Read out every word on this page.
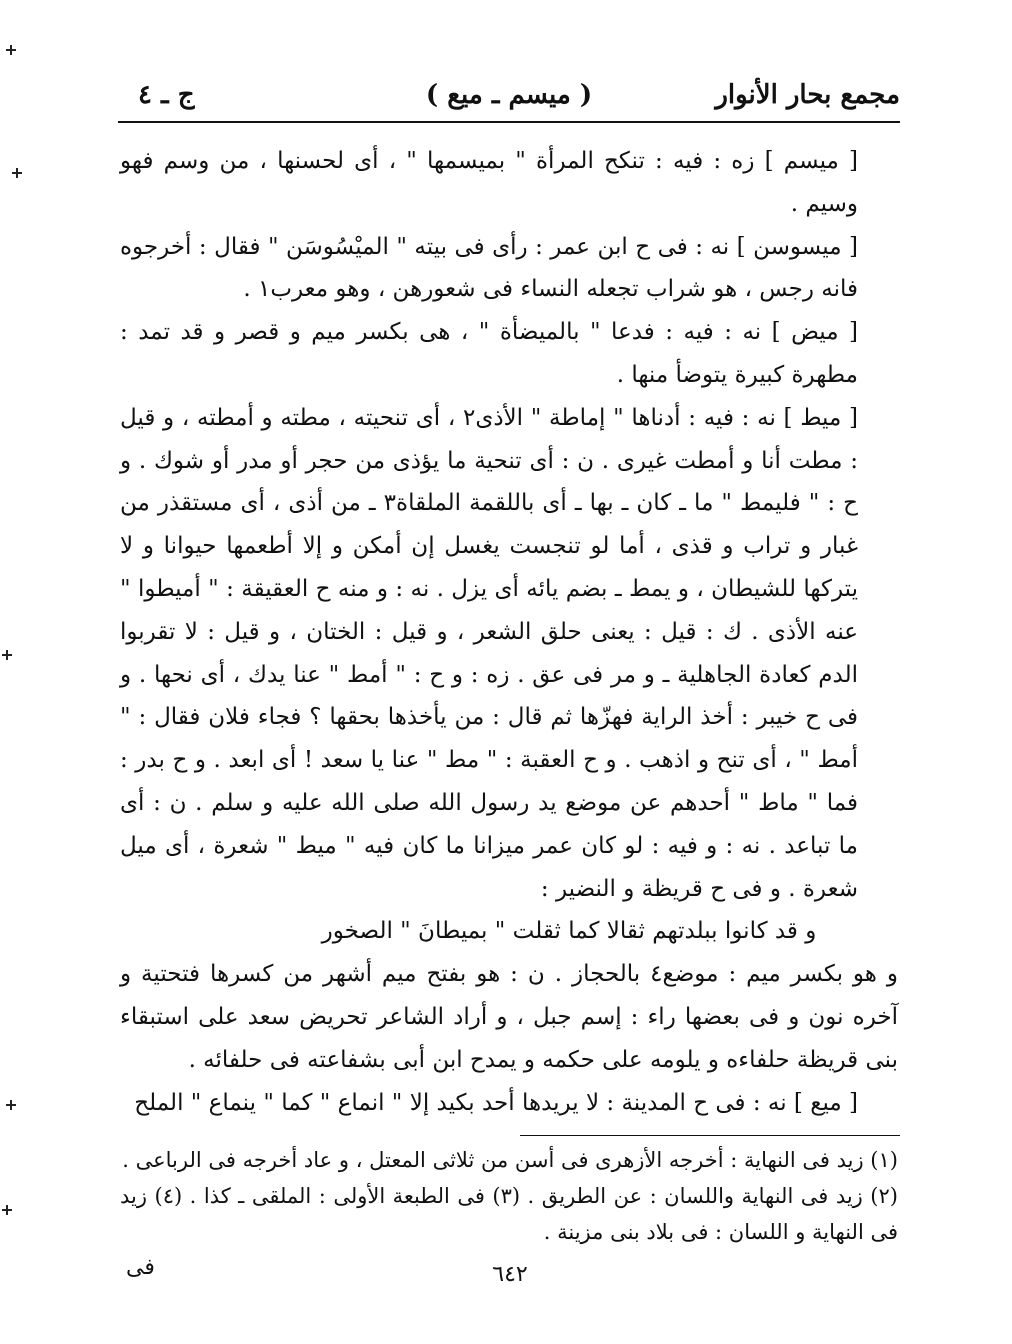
مجمع بحار الأنوار
( ميسم ـ ميع )
ج ـ ٤

[ ميسم ] زه : فيه : تنكح المرأة " بميسمها " ، أى لحسنها ، من وسم فهو وسيم .

[ ميسوسن ] نه : فى ح ابن عمر : رأى فى بيته " الميْسُوسَن " فقال : أخرجوه فانه رجس ، هو شراب تجعله النساء فى شعورهن ، وهو معرب١ .

[ ميض ] نه : فيه : فدعا " بالميضأة " ، هى بكسر ميم و قصر و قد تمد : مطهرة كبيرة يتوضأ منها .

[ ميط ] نه : فيه : أدناها " إماطة " الأذى٢ ، أى تنحيته ، مطته و أمطته ، و قيل : مطت أنا و أمطت غيرى . ن : أى تنحية ما يؤذى من حجر أو مدر أو شوك . و ح : " فليمط " ما ـ كان ـ بها ـ أى باللقمة الملقاة٣ ـ من أذى ، أى مستقذر من غبار و تراب و قذى ، أما لو تنجست يغسل إن أمكن و إلا أطعمها حيوانا و لا يتركها للشيطان ، و يمط ـ بضم يائه أى يزل . نه : و منه ح العقيقة : " أميطوا " عنه الأذى . ك : قيل : يعنى حلق الشعر ، و قيل : الختان ، و قيل : لا تقربوا الدم كعادة الجاهلية ـ و مر فى عق . زه : و ح : " أمط " عنا يدك ، أى نحها . و فى ح خيبر : أخذ الراية فهزّها ثم قال : من يأخذها بحقها ؟ فجاء فلان فقال : " أمط " ، أى تنح و اذهب . و ح العقبة : " مط " عنا يا سعد ! أى ابعد . و ح بدر : فما " ماط " أحدهم عن موضع يد رسول الله صلى الله عليه و سلم . ن : أى ما تباعد . نه : و فيه : لو كان عمر ميزانا ما كان فيه " ميط " شعرة ، أى ميل شعرة . و فى ح قريظة و النضير :

و قد كانوا ببلدتهم ثقالا كما ثقلت " بميطانَ " الصخور

و هو بكسر ميم : موضع٤ بالحجاز . ن : هو بفتح ميم أشهر من كسرها فتحتية و آخره نون و فى بعضها راء : إسم جبل ، و أراد الشاعر تحريض سعد على استبقاء بنى قريظة حلفاءه و يلومه على حكمه و يمدح ابن أبى بشفاعته فى حلفائه .

[ ميع ] نه : فى ح المدينة : لا يريدها أحد بكيد إلا " انماع " كما " ينماع " الملح

(١) زيد فى النهاية : أخرجه الأزهرى فى أسن من ثلاثى المعتل ، و عاد أخرجه فى الرباعى .

(٢) زيد فى النهاية واللسان : عن الطريق . (٣) فى الطبعة الأولى : الملقى ـ كذا . (٤) زيد فى النهاية و اللسان : فى بلاد بنى مزينة .

٦٤٢
فى
